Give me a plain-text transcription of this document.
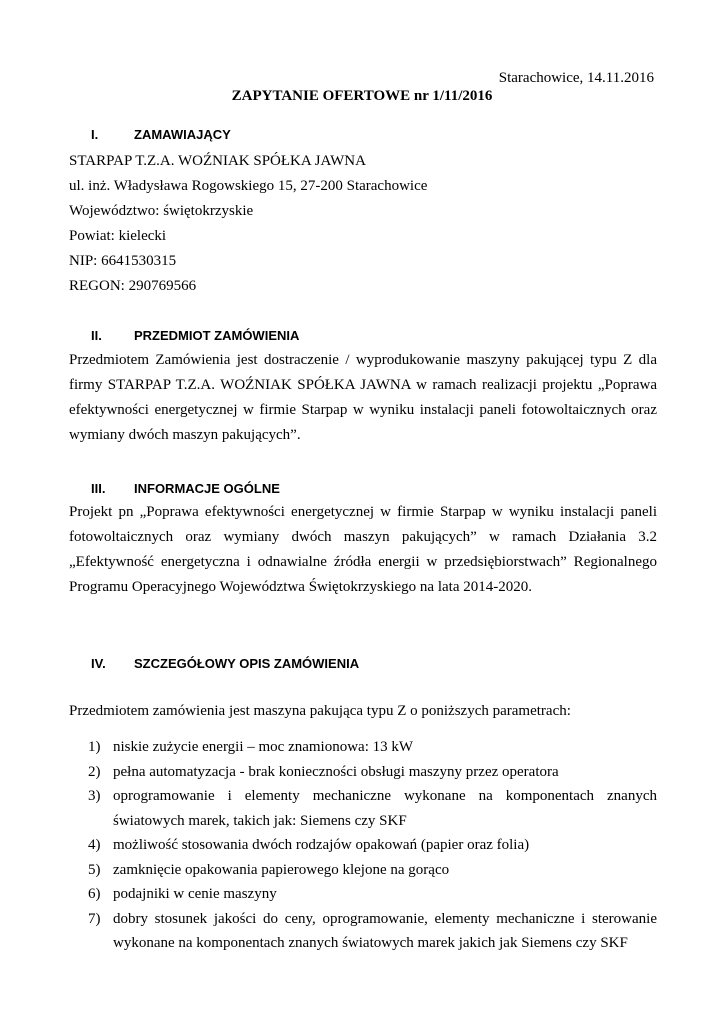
Starachowice, 14.11.2016
ZAPYTANIE OFERTOWE nr 1/11/2016
I.	ZAMAWIAJĄCY
STARPAP T.Z.A. WOŹNIAK SPÓŁKA JAWNA
ul. inż. Władysława Rogowskiego 15, 27-200 Starachowice
Województwo: świętokrzyskie
Powiat: kielecki
NIP: 6641530315
REGON: 290769566
II. PRZEDMIOT ZAMÓWIENIA
Przedmiotem Zamówienia jest dostraczenie / wyprodukowanie maszyny pakującej typu Z dla firmy STARPAP T.Z.A. WOŹNIAK SPÓŁKA JAWNA w ramach realizacji projektu „Poprawa efektywności energetycznej w firmie Starpap w wyniku instalacji paneli fotowoltaicznych oraz wymiany dwóch maszyn pakujących”.
III. INFORMACJE OGÓLNE
Projekt pn „Poprawa efektywności energetycznej w firmie Starpap w wyniku instalacji paneli fotowoltaicznych oraz wymiany dwóch maszyn pakujących” w ramach Działania 3.2 „Efektywność energetyczna i odnawialne źródła energii w przedsiębiorstwach” Regionalnego Programu Operacyjnego Województwa Świętokrzyskiego na lata 2014-2020.
IV. SZCZEGÓŁOWY OPIS ZAMÓWIENIA
Przedmiotem zamówienia jest maszyna pakująca typu Z o poniższych parametrach:
1) niskie zużycie energii – moc znamionowa: 13 kW
2) pełna automatyzacja - brak konieczności obsługi maszyny przez operatora
3) oprogramowanie i elementy mechaniczne wykonane na komponentach znanych światowych marek, takich jak: Siemens czy SKF
4) możliwość stosowania dwóch rodzajów opakowań (papier oraz folia)
5) zamknięcie opakowania papierowego klejone na gorąco
6) podajniki w cenie maszyny
7) dobry stosunek jakości do ceny, oprogramowanie, elementy mechaniczne i sterowanie wykonane na komponentach znanych światowych marek jakich jak Siemens czy SKF
